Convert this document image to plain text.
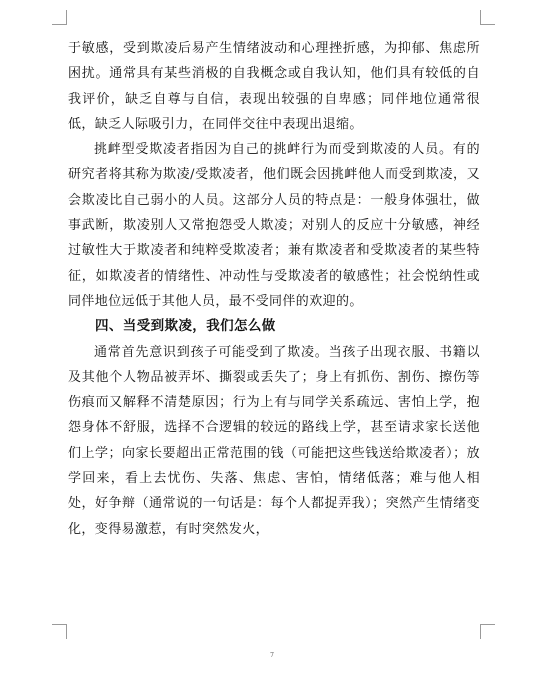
于敏感，受到欺凌后易产生情绪波动和心理挫折感，为抑郁、焦虑所困扰。通常具有某些消极的自我概念或自我认知，他们具有较低的自我评价，缺乏自尊与自信，表现出较强的自卑感；同伴地位通常很低，缺乏人际吸引力，在同伴交往中表现出退缩。

挑衅型受欺凌者指因为自己的挑衅行为而受到欺凌的人员。有的研究者将其称为欺凌/受欺凌者，他们既会因挑衅他人而受到欺凌，又会欺凌比自己弱小的人员。这部分人员的特点是：一般身体强壮，做事武断，欺凌别人又常抱怨受人欺凌；对别人的反应十分敏感，神经过敏性大于欺凌者和纯粹受欺凌者；兼有欺凌者和受欺凌者的某些特征，如欺凌者的情绪性、冲动性与受欺凌者的敏感性；社会悦纳性或同伴地位远低于其他人员，最不受同伴的欢迎的。

四、当受到欺凌，我们怎么做

通常首先意识到孩子可能受到了欺凌。当孩子出现衣服、书籍以及其他个人物品被弄坏、撕裂或丢失了；身上有抓伤、割伤、擦伤等伤痕而又解释不清楚原因；行为上有与同学关系疏远、害怕上学，抱怨身体不舒服，选择不合逻辑的较远的路线上学，甚至请求家长送他们上学；向家长要超出正常范围的钱（可能把这些钱送给欺凌者）；放学回来，看上去忧伤、失落、焦虑、害怕，情绪低落；难与他人相处，好争辩（通常说的一句话是：每个人都捉弄我）；突然产生情绪变化，变得易激惹，有时突然发火，

7
